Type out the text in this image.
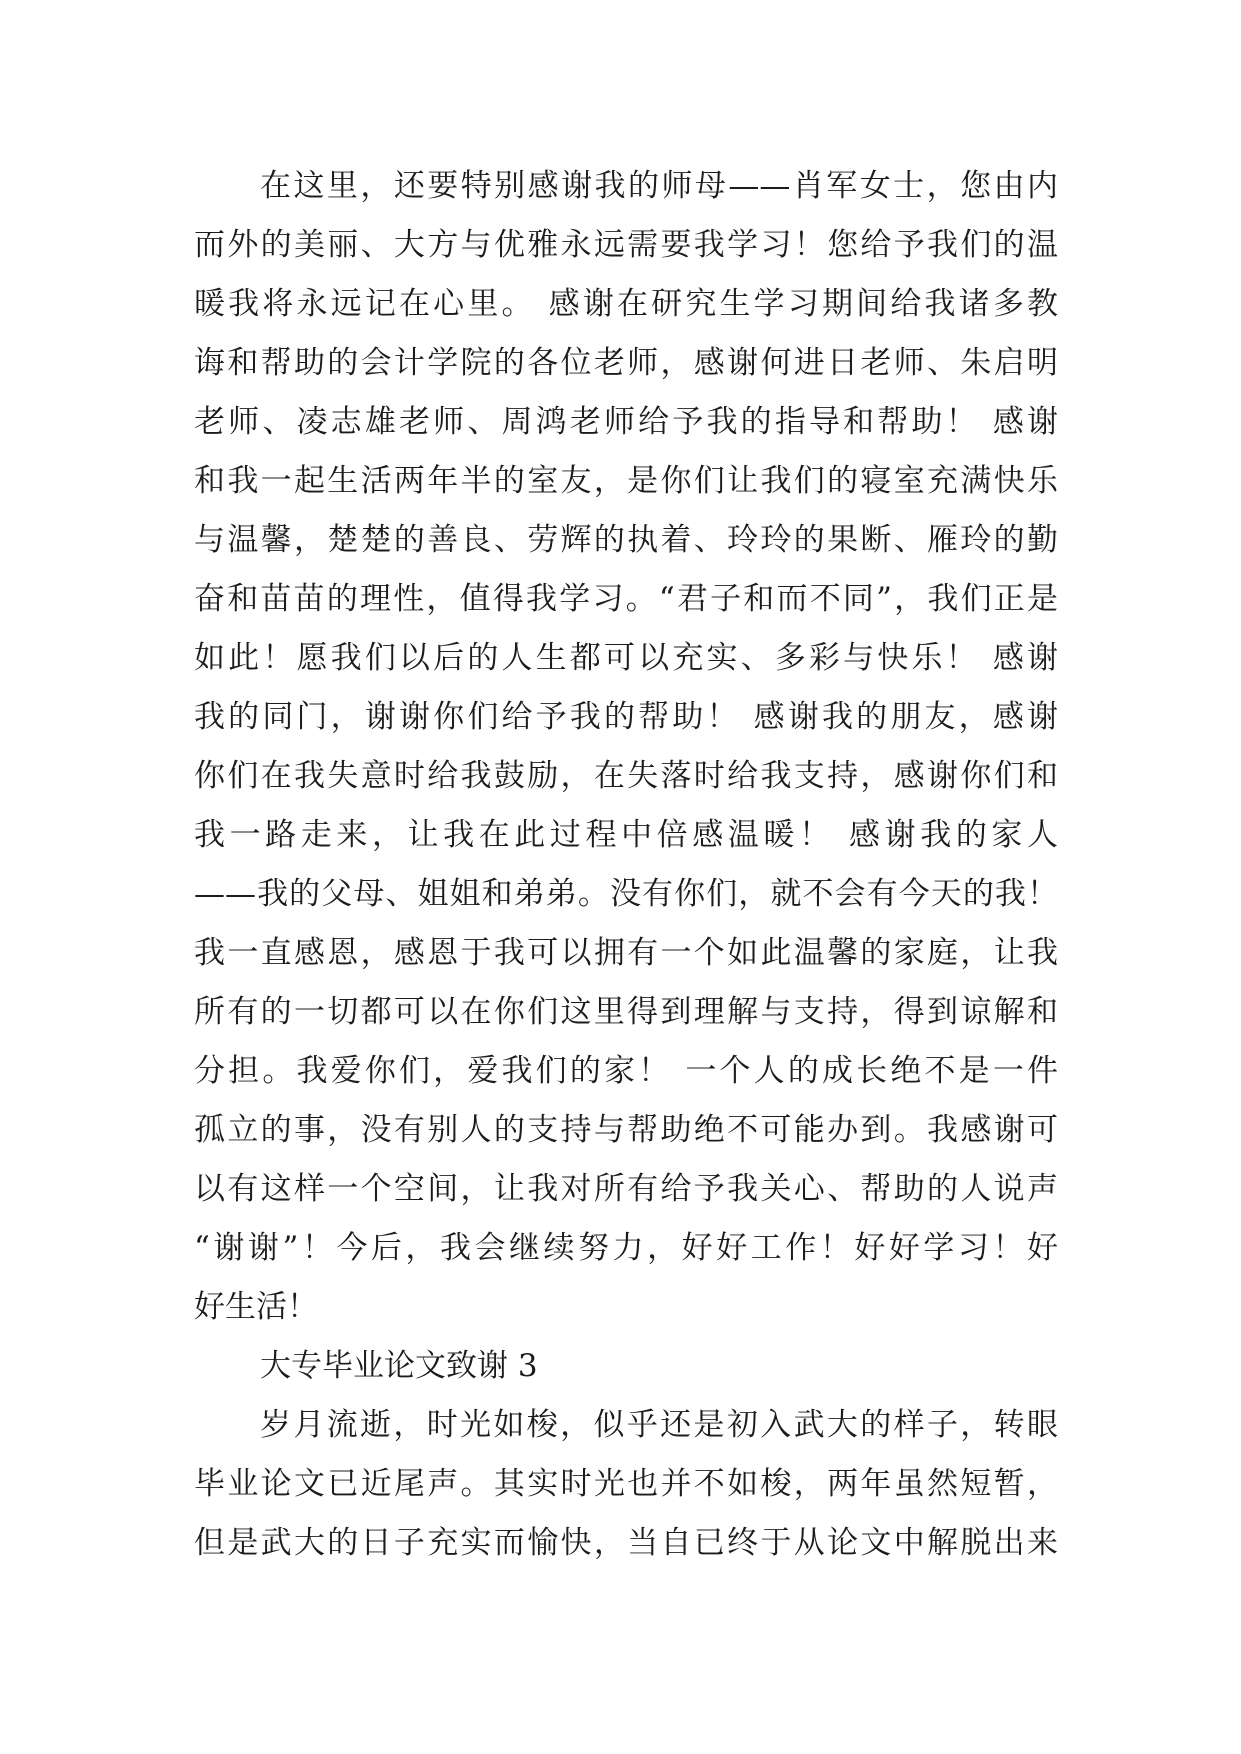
在这里，还要特别感谢我的师母——肖军女士，您由内
而外的美丽、大方与优雅永远需要我学习！您给予我们的温
暖我将永远记在心里。 感谢在研究生学习期间给我诸多教
诲和帮助的会计学院的各位老师，感谢何进日老师、朱启明
老师、凌志雄老师、周鸿老师给予我的指导和帮助！ 感谢
和我一起生活两年半的室友，是你们让我们的寝室充满快乐
与温馨，楚楚的善良、劳辉的执着、玲玲的果断、雁玲的勤
奋和苗苗的理性，值得我学习。“君子和而不同”，我们正是
如此！愿我们以后的人生都可以充实、多彩与快乐！ 感谢
我的同门，谢谢你们给予我的帮助！ 感谢我的朋友，感谢
你们在我失意时给我鼓励，在失落时给我支持，感谢你们和
我一路走来，让我在此过程中倍感温暖！ 感谢我的家人
——我的父母、姐姐和弟弟。没有你们，就不会有今天的我！
我一直感恩，感恩于我可以拥有一个如此温馨的家庭，让我
所有的一切都可以在你们这里得到理解与支持，得到谅解和
分担。我爱你们，爱我们的家！ 一个人的成长绝不是一件
孤立的事，没有别人的支持与帮助绝不可能办到。我感谢可
以有这样一个空间，让我对所有给予我关心、帮助的人说声
“谢谢”！今后，我会继续努力，好好工作！好好学习！好
好生活！
大专毕业论文致谢 3
岁月流逝，时光如梭，似乎还是初入武大的样子，转眼
毕业论文已近尾声。其实时光也并不如梭，两年虽然短暂，
但是武大的日子充实而愉快，当自已终于从论文中解脱出来
